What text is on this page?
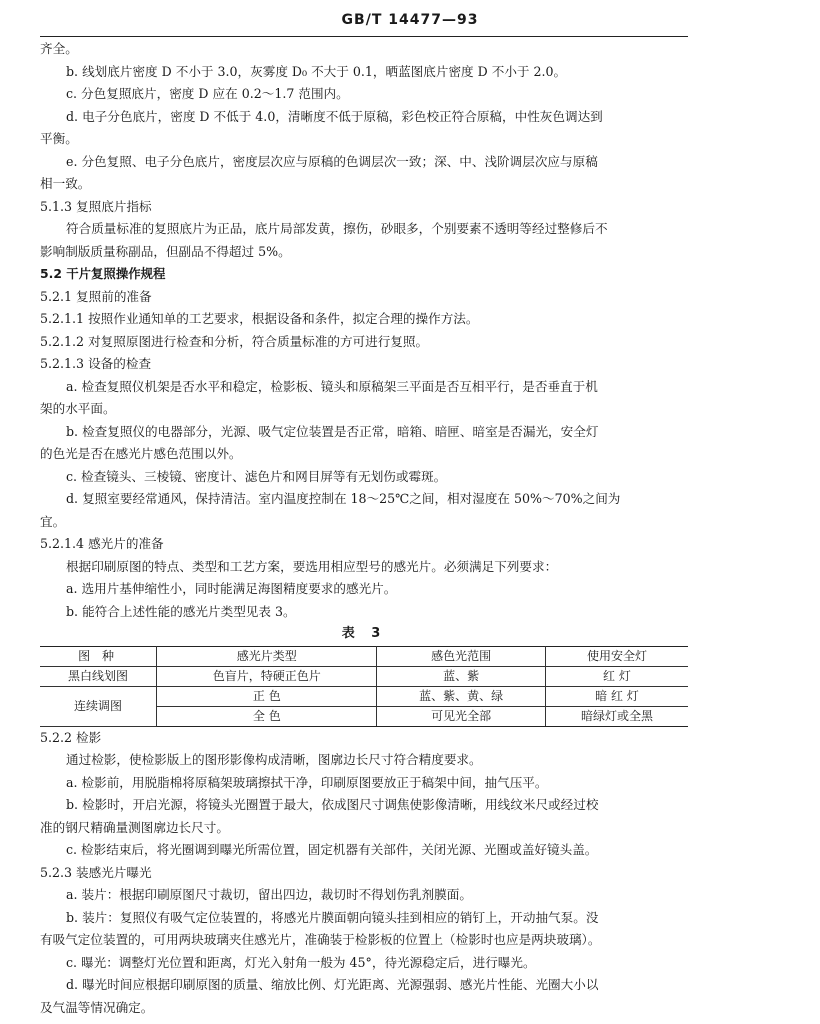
GB/T 14477—93

齐全。

b. 线划底片密度 D 不小于 3.0，灰雾度 D₀ 不大于 0.1，晒蓝图底片密度 D 不小于 2.0。

c. 分色复照底片，密度 D 应在 0.2～1.7 范围内。

d. 电子分色底片，密度 D 不低于 4.0，清晰度不低于原稿，彩色校正符合原稿，中性灰色调达到

平衡。

e. 分色复照、电子分色底片，密度层次应与原稿的色调层次一致；深、中、浅阶调层次应与原稿

相一致。

5.1.3 复照底片指标

符合质量标准的复照底片为正品，底片局部发黄，擦伤，砂眼多，个别要素不透明等经过整修后不

影响制版质量称副品，但副品不得超过 5%。

5.2 干片复照操作规程

5.2.1 复照前的准备

5.2.1.1 按照作业通知单的工艺要求，根据设备和条件，拟定合理的操作方法。

5.2.1.2 对复照原图进行检查和分析，符合质量标准的方可进行复照。

5.2.1.3 设备的检查

a. 检查复照仪机架是否水平和稳定，检影板、镜头和原稿架三平面是否互相平行，是否垂直于机

架的水平面。

b. 检查复照仪的电器部分，光源、吸气定位装置是否正常，暗箱、暗匣、暗室是否漏光，安全灯

的色光是否在感光片感色范围以外。

c. 检查镜头、三棱镜、密度计、滤色片和网目屏等有无划伤或霉斑。

d. 复照室要经常通风，保持清洁。室内温度控制在 18～25℃之间，相对湿度在 50%～70%之间为

宜。

5.2.1.4 感光片的准备

根据印刷原图的特点、类型和工艺方案，要选用相应型号的感光片。必须满足下列要求：

a. 选用片基伸缩性小，同时能满足海图精度要求的感光片。

b. 能符合上述性能的感光片类型见表 3。

表 3
图 种	感光片类型	感色光范围	使用安全灯
黑白线划图	色盲片，特硬正色片	蓝、紫	红 灯
连续调图	正 色	蓝、紫、黄、绿	暗 红 灯
	全 色	可见光全部	暗绿灯或全黑

5.2.2 检影

通过检影，使检影版上的图形影像构成清晰，图廓边长尺寸符合精度要求。

a. 检影前，用脱脂棉将原稿架玻璃擦拭干净，印刷原图要放正于稿架中间，抽气压平。

b. 检影时，开启光源，将镜头光圈置于最大，依成图尺寸调焦使影像清晰，用线纹米尺或经过校

准的钢尺精确量测图廓边长尺寸。

c. 检影结束后，将光圈调到曝光所需位置，固定机器有关部件，关闭光源、光圈或盖好镜头盖。

5.2.3 装感光片曝光

a. 装片：根据印刷原图尺寸裁切，留出四边，裁切时不得划伤乳剂膜面。

b. 装片：复照仪有吸气定位装置的，将感光片膜面朝向镜头挂到相应的销钉上，开动抽气泵。没

有吸气定位装置的，可用两块玻璃夹住感光片，准确装于检影板的位置上（检影时也应是两块玻璃）。

c. 曝光：调整灯光位置和距离，灯光入射角一般为 45°，待光源稳定后，进行曝光。

d. 曝光时间应根据印刷原图的质量、缩放比例、灯光距离、光源强弱、感光片性能、光圈大小以

及气温等情况确定。
